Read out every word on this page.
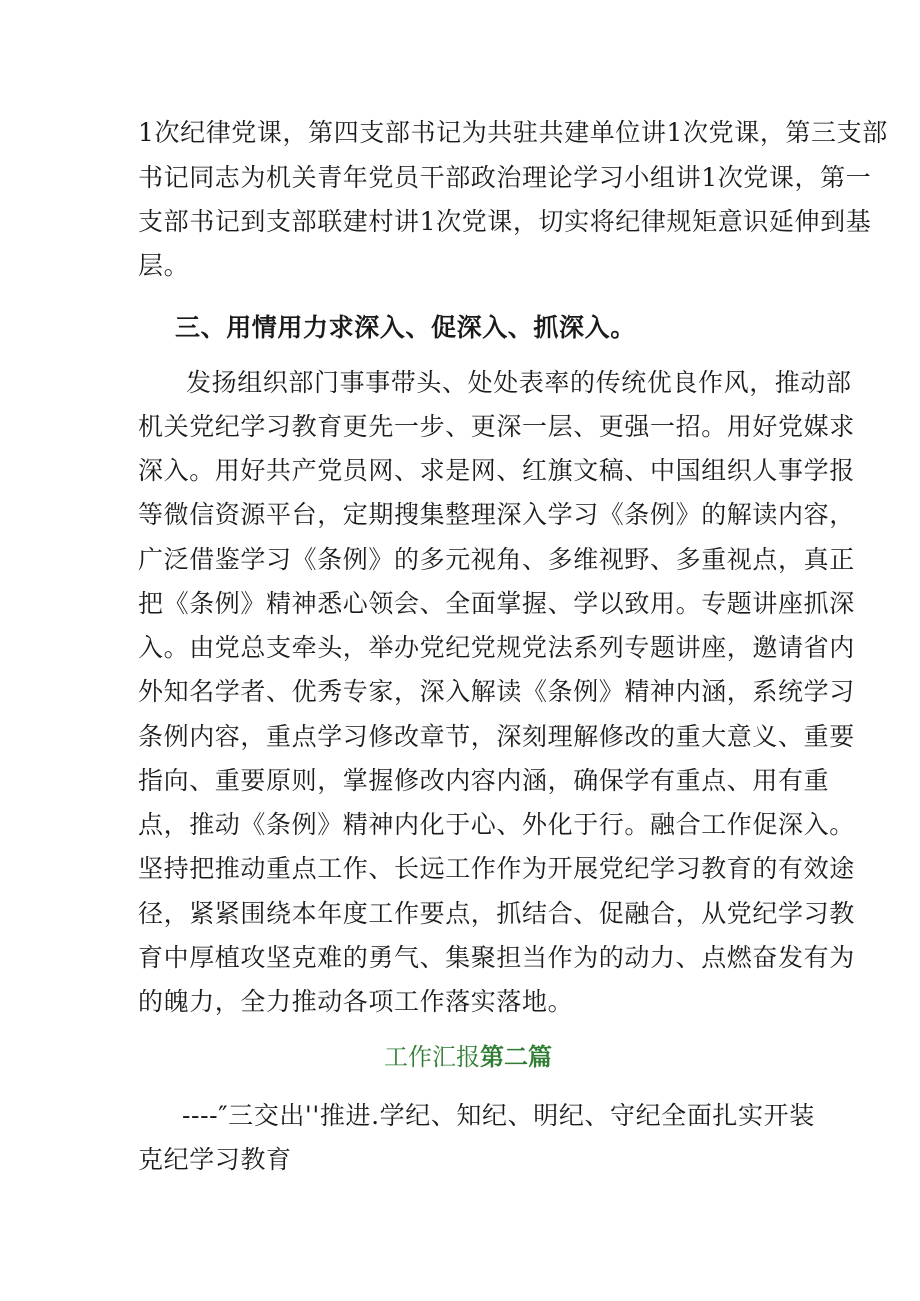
1次纪律党课，第四支部书记为共驻共建单位讲1次党课，第三支部
书记同志为机关青年党员干部政治理论学习小组讲1次党课，第一
支部书记到支部联建村讲1次党课，切实将纪律规矩意识延伸到基
层。
三、用情用力求深入、促深入、抓深入。
发扬组织部门事事带头、处处表率的传统优良作风，推动部
机关党纪学习教育更先一步、更深一层、更强一招。用好党媒求
深入。用好共产党员网、求是网、红旗文稿、中国组织人事学报
等微信资源平台，定期搜集整理深入学习《条例》的解读内容，
广泛借鉴学习《条例》的多元视角、多维视野、多重视点，真正
把《条例》精神悉心领会、全面掌握、学以致用。专题讲座抓深
入。由党总支牵头，举办党纪党规党法系列专题讲座，邀请省内
外知名学者、优秀专家，深入解读《条例》精神内涵，系统学习
条例内容，重点学习修改章节，深刻理解修改的重大意义、重要
指向、重要原则，掌握修改内容内涵，确保学有重点、用有重
点，推动《条例》精神内化于心、外化于行。融合工作促深入。
坚持把推动重点工作、长远工作作为开展党纪学习教育的有效途
径，紧紧围绕本年度工作要点，抓结合、促融合，从党纪学习教
育中厚植攻坚克难的勇气、集聚担当作为的动力、点燃奋发有为
的魄力，全力推动各项工作落实落地。
工作汇报第二篇
----″三交出''推进.学纪、知纪、明纪、守纪全面扎实开装
克纪学习教育
